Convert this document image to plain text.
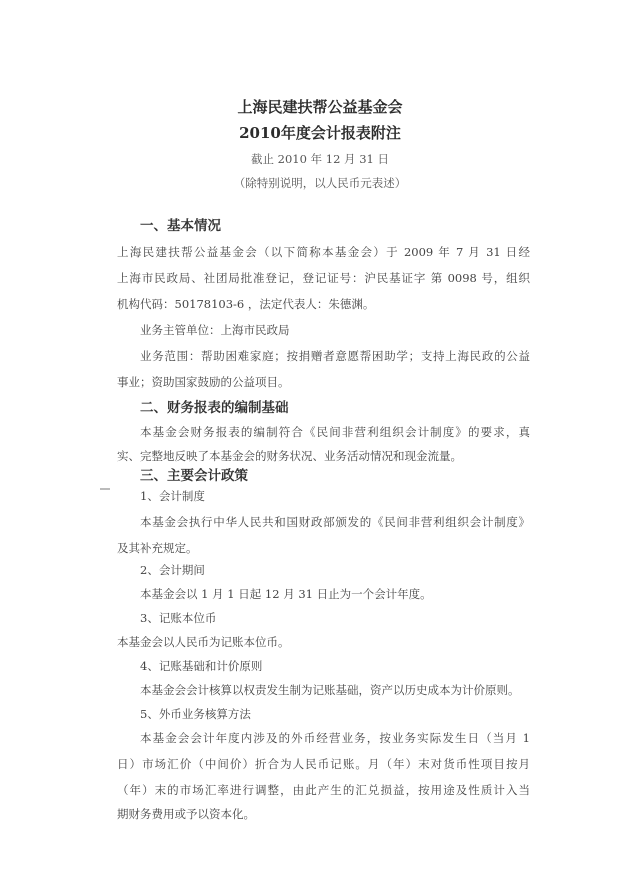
上海民建扶帮公益基金会
2010年度会计报表附注
截止 2010 年 12 月 31 日
（除特别说明，以人民币元表述）
一、基本情况
上海民建扶帮公益基金会（以下简称本基金会）于 2009 年 7 月 31 日经
上海市民政局、社团局批准登记，登记证号：沪民基证字 第 0098 号，组织
机构代码：50178103-6 ，法定代表人：朱德渊。
业务主管单位：上海市民政局
业务范围：帮助困难家庭；按捐赠者意愿帮困助学；支持上海民政的公益
事业；资助国家鼓励的公益项目。
二、财务报表的编制基础
本基金会财务报表的编制符合《民间非营利组织会计制度》的要求，真
实、完整地反映了本基金会的财务状况、业务活动情况和现金流量。
三、主要会计政策
1、会计制度
本基金会执行中华人民共和国财政部颁发的《民间非营利组织会计制度》
及其补充规定。
2、会计期间
本基金会以 1 月 1 日起 12 月 31 日止为一个会计年度。
3、记账本位币
本基金会以人民币为记账本位币。
4、记账基础和计价原则
本基金会会计核算以权责发生制为记账基础，资产以历史成本为计价原则。
5、外币业务核算方法
本基金会会计年度内涉及的外币经营业务，按业务实际发生日（当月 1
日）市场汇价（中间价）折合为人民币记账。月（年）末对货币性项目按月
（年）末的市场汇率进行调整，由此产生的汇兑损益，按用途及性质计入当
期财务费用或予以资本化。
